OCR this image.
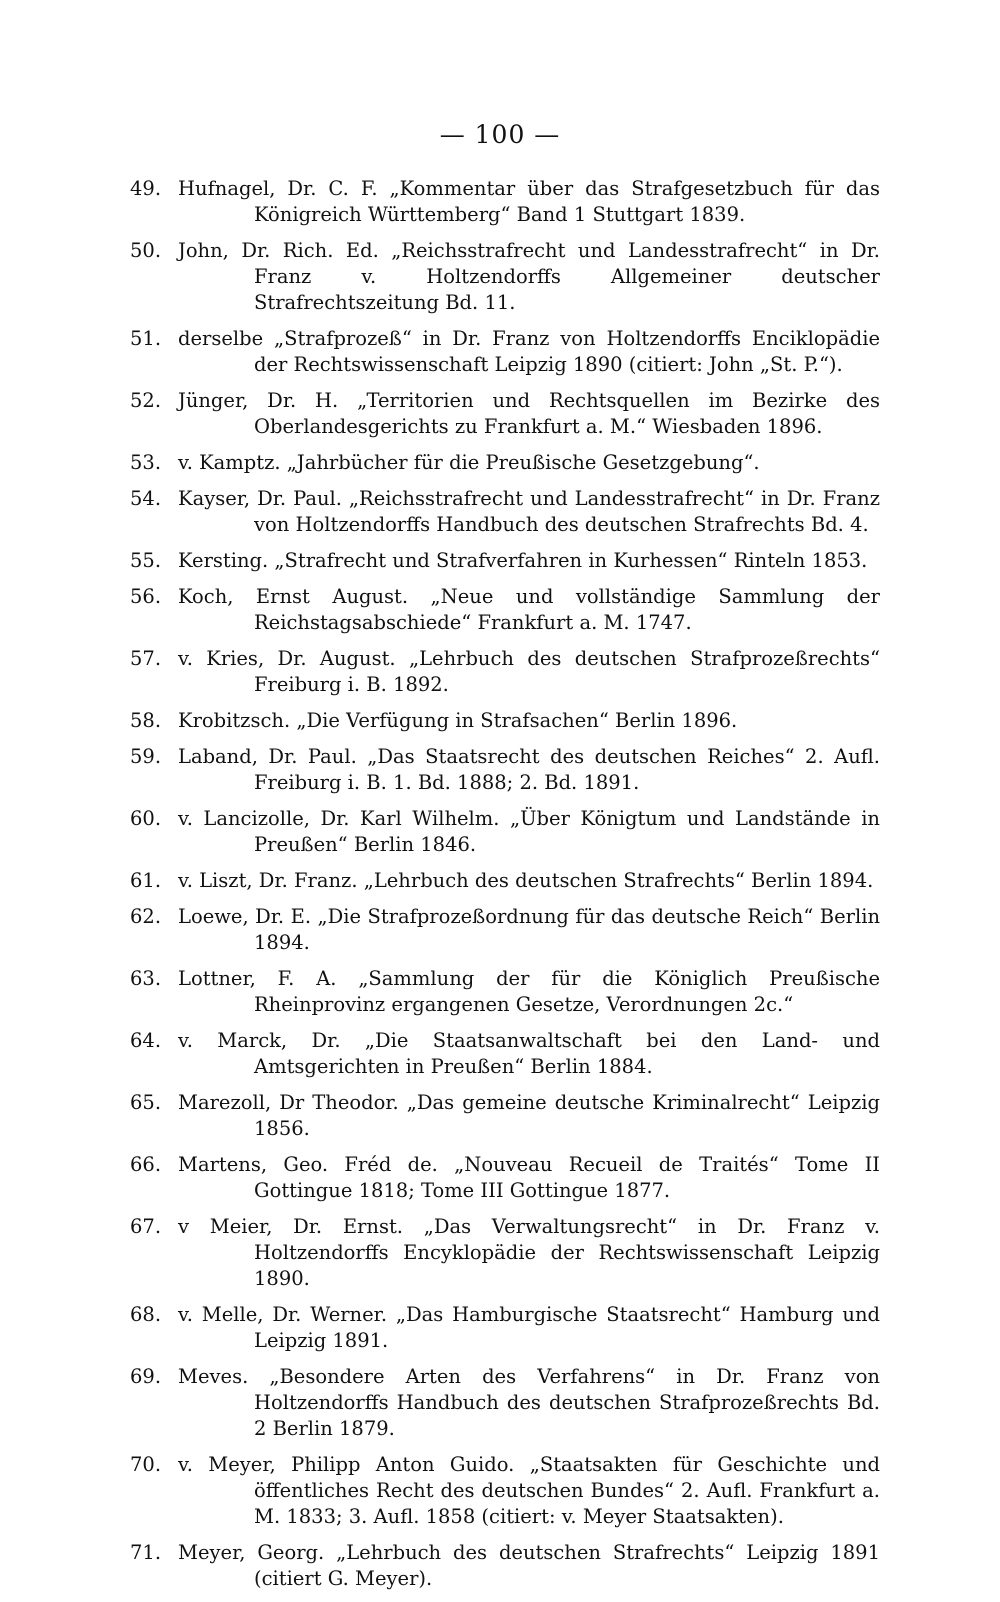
— 100 —
49. Hufnagel, Dr. C. F. „Kommentar über das Strafgesetzbuch für das Königreich Württemberg“ Band 1 Stuttgart 1839.
50. John, Dr. Rich. Ed. „Reichsstrafrecht und Landesstrafrecht“ in Dr. Franz v. Holtzendorffs Allgemeiner deutscher Strafrechtszeitung Bd. 11.
51. derselbe „Strafprozeß“ in Dr. Franz von Holtzendorffs Enciklopädie der Rechtswissenschaft Leipzig 1890 (citiert: John „St. P.“).
52. Jünger, Dr. H. „Territorien und Rechtsquellen im Bezirke des Oberlandesgerichts zu Frankfurt a. M.“ Wiesbaden 1896.
53. v. Kamptz. „Jahrbücher für die Preußische Gesetzgebung“.
54. Kayser, Dr. Paul. „Reichsstrafrecht und Landesstrafrecht“ in Dr. Franz von Holtzendorffs Handbuch des deutschen Strafrechts Bd. 4.
55. Kersting. „Strafrecht und Strafverfahren in Kurhessen“ Rinteln 1853.
56. Koch, Ernst August. „Neue und vollständige Sammlung der Reichstagsabschiede“ Frankfurt a. M. 1747.
57. v. Kries, Dr. August. „Lehrbuch des deutschen Strafprozeßrechts“ Freiburg i. B. 1892.
58. Krobitzsch. „Die Verfügung in Strafsachen“ Berlin 1896.
59. Laband, Dr. Paul. „Das Staatsrecht des deutschen Reiches“ 2. Aufl. Freiburg i. B. 1. Bd. 1888; 2. Bd. 1891.
60. v. Lancizolle, Dr. Karl Wilhelm. „Über Königtum und Landstände in Preußen“ Berlin 1846.
61. v. Liszt, Dr. Franz. „Lehrbuch des deutschen Strafrechts“ Berlin 1894.
62. Loewe, Dr. E. „Die Strafprozeßordnung für das deutsche Reich“ Berlin 1894.
63. Lottner, F. A. „Sammlung der für die Königlich Preußische Rheinprovinz ergangenen Gesetze, Verordnungen 2c.“
64. v. Marck, Dr. „Die Staatsanwaltschaft bei den Land- und Amtsgerichten in Preußen“ Berlin 1884.
65. Marezoll, Dr Theodor. „Das gemeine deutsche Kriminalrecht“ Leipzig 1856.
66. Martens, Geo. Fréd de. „Nouveau Recueil de Traités“ Tome II Gottingue 1818; Tome III Gottingue 1877.
67. v Meier, Dr. Ernst. „Das Verwaltungsrecht“ in Dr. Franz v. Holtzendorffs Encyklopädie der Rechtswissenschaft Leipzig 1890.
68. v. Melle, Dr. Werner. „Das Hamburgische Staatsrecht“ Hamburg und Leipzig 1891.
69. Meves. „Besondere Arten des Verfahrens“ in Dr. Franz von Holtzendorffs Handbuch des deutschen Strafprozeßrechts Bd. 2 Berlin 1879.
70. v. Meyer, Philipp Anton Guido. „Staatsakten für Geschichte und öffentliches Recht des deutschen Bundes“ 2. Aufl. Frankfurt a. M. 1833; 3. Aufl. 1858 (citiert: v. Meyer Staatsakten).
71. Meyer, Georg. „Lehrbuch des deutschen Strafrechts“ Leipzig 1891 (citiert G. Meyer).
